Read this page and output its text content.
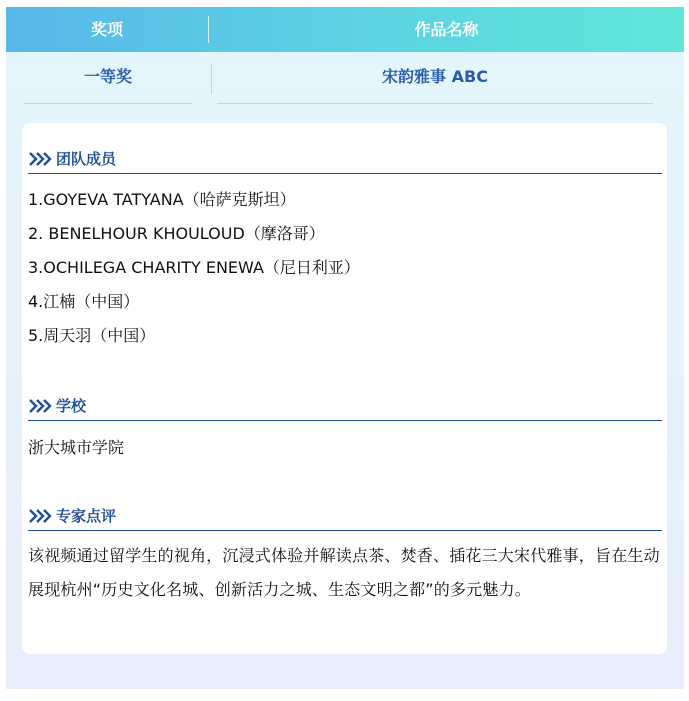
奖项	作品名称
一等奖	宋韵雅事 ABC
团队成员
1.GOYEVA TATYANA（哈萨克斯坦）
2. BENELHOUR KHOULOUD（摩洛哥）
3.OCHILEGA CHARITY ENEWA（尼日利亚）
4.江楠（中国）
5.周天羽（中国）
学校
浙大城市学院
专家点评
该视频通过留学生的视角，沉浸式体验并解读点茶、焚香、插花三大宋代雅事，旨在生动展现杭州“历史文化名城、创新活力之城、生态文明之都”的多元魅力。
